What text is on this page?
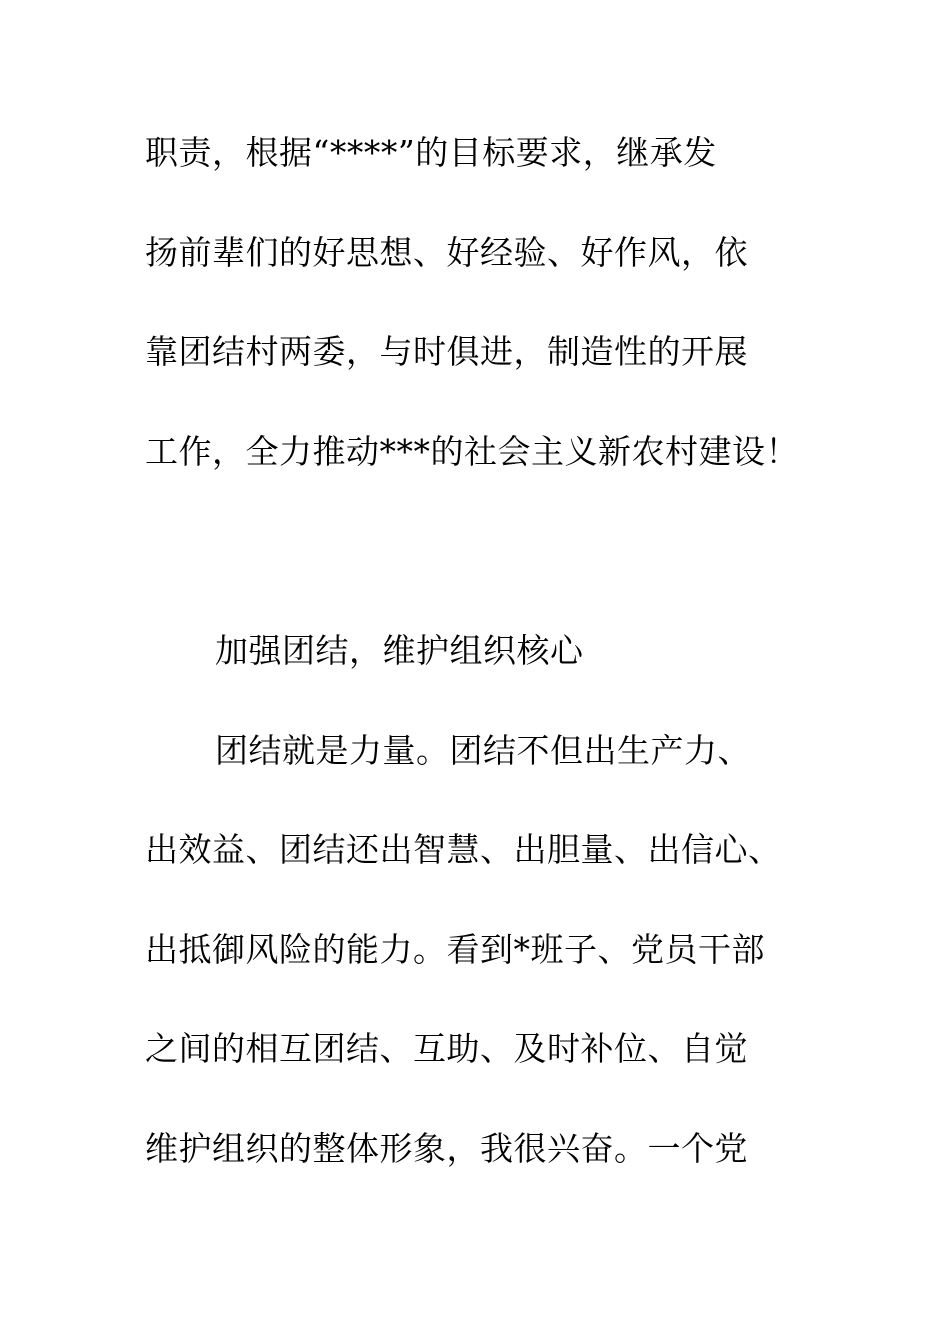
职责，根据“****”的目标要求，继承发
扬前辈们的好思想、好经验、好作风，依
靠团结村两委，与时俱进，制造性的开展
工作，全力推动***的社会主义新农村建设！
加强团结，维护组织核心
团结就是力量。团结不但出生产力、
出效益、团结还出智慧、出胆量、出信心、
出抵御风险的能力。看到*班子、党员干部
之间的相互团结、互助、及时补位、自觉
维护组织的整体形象，我很兴奋。一个党
